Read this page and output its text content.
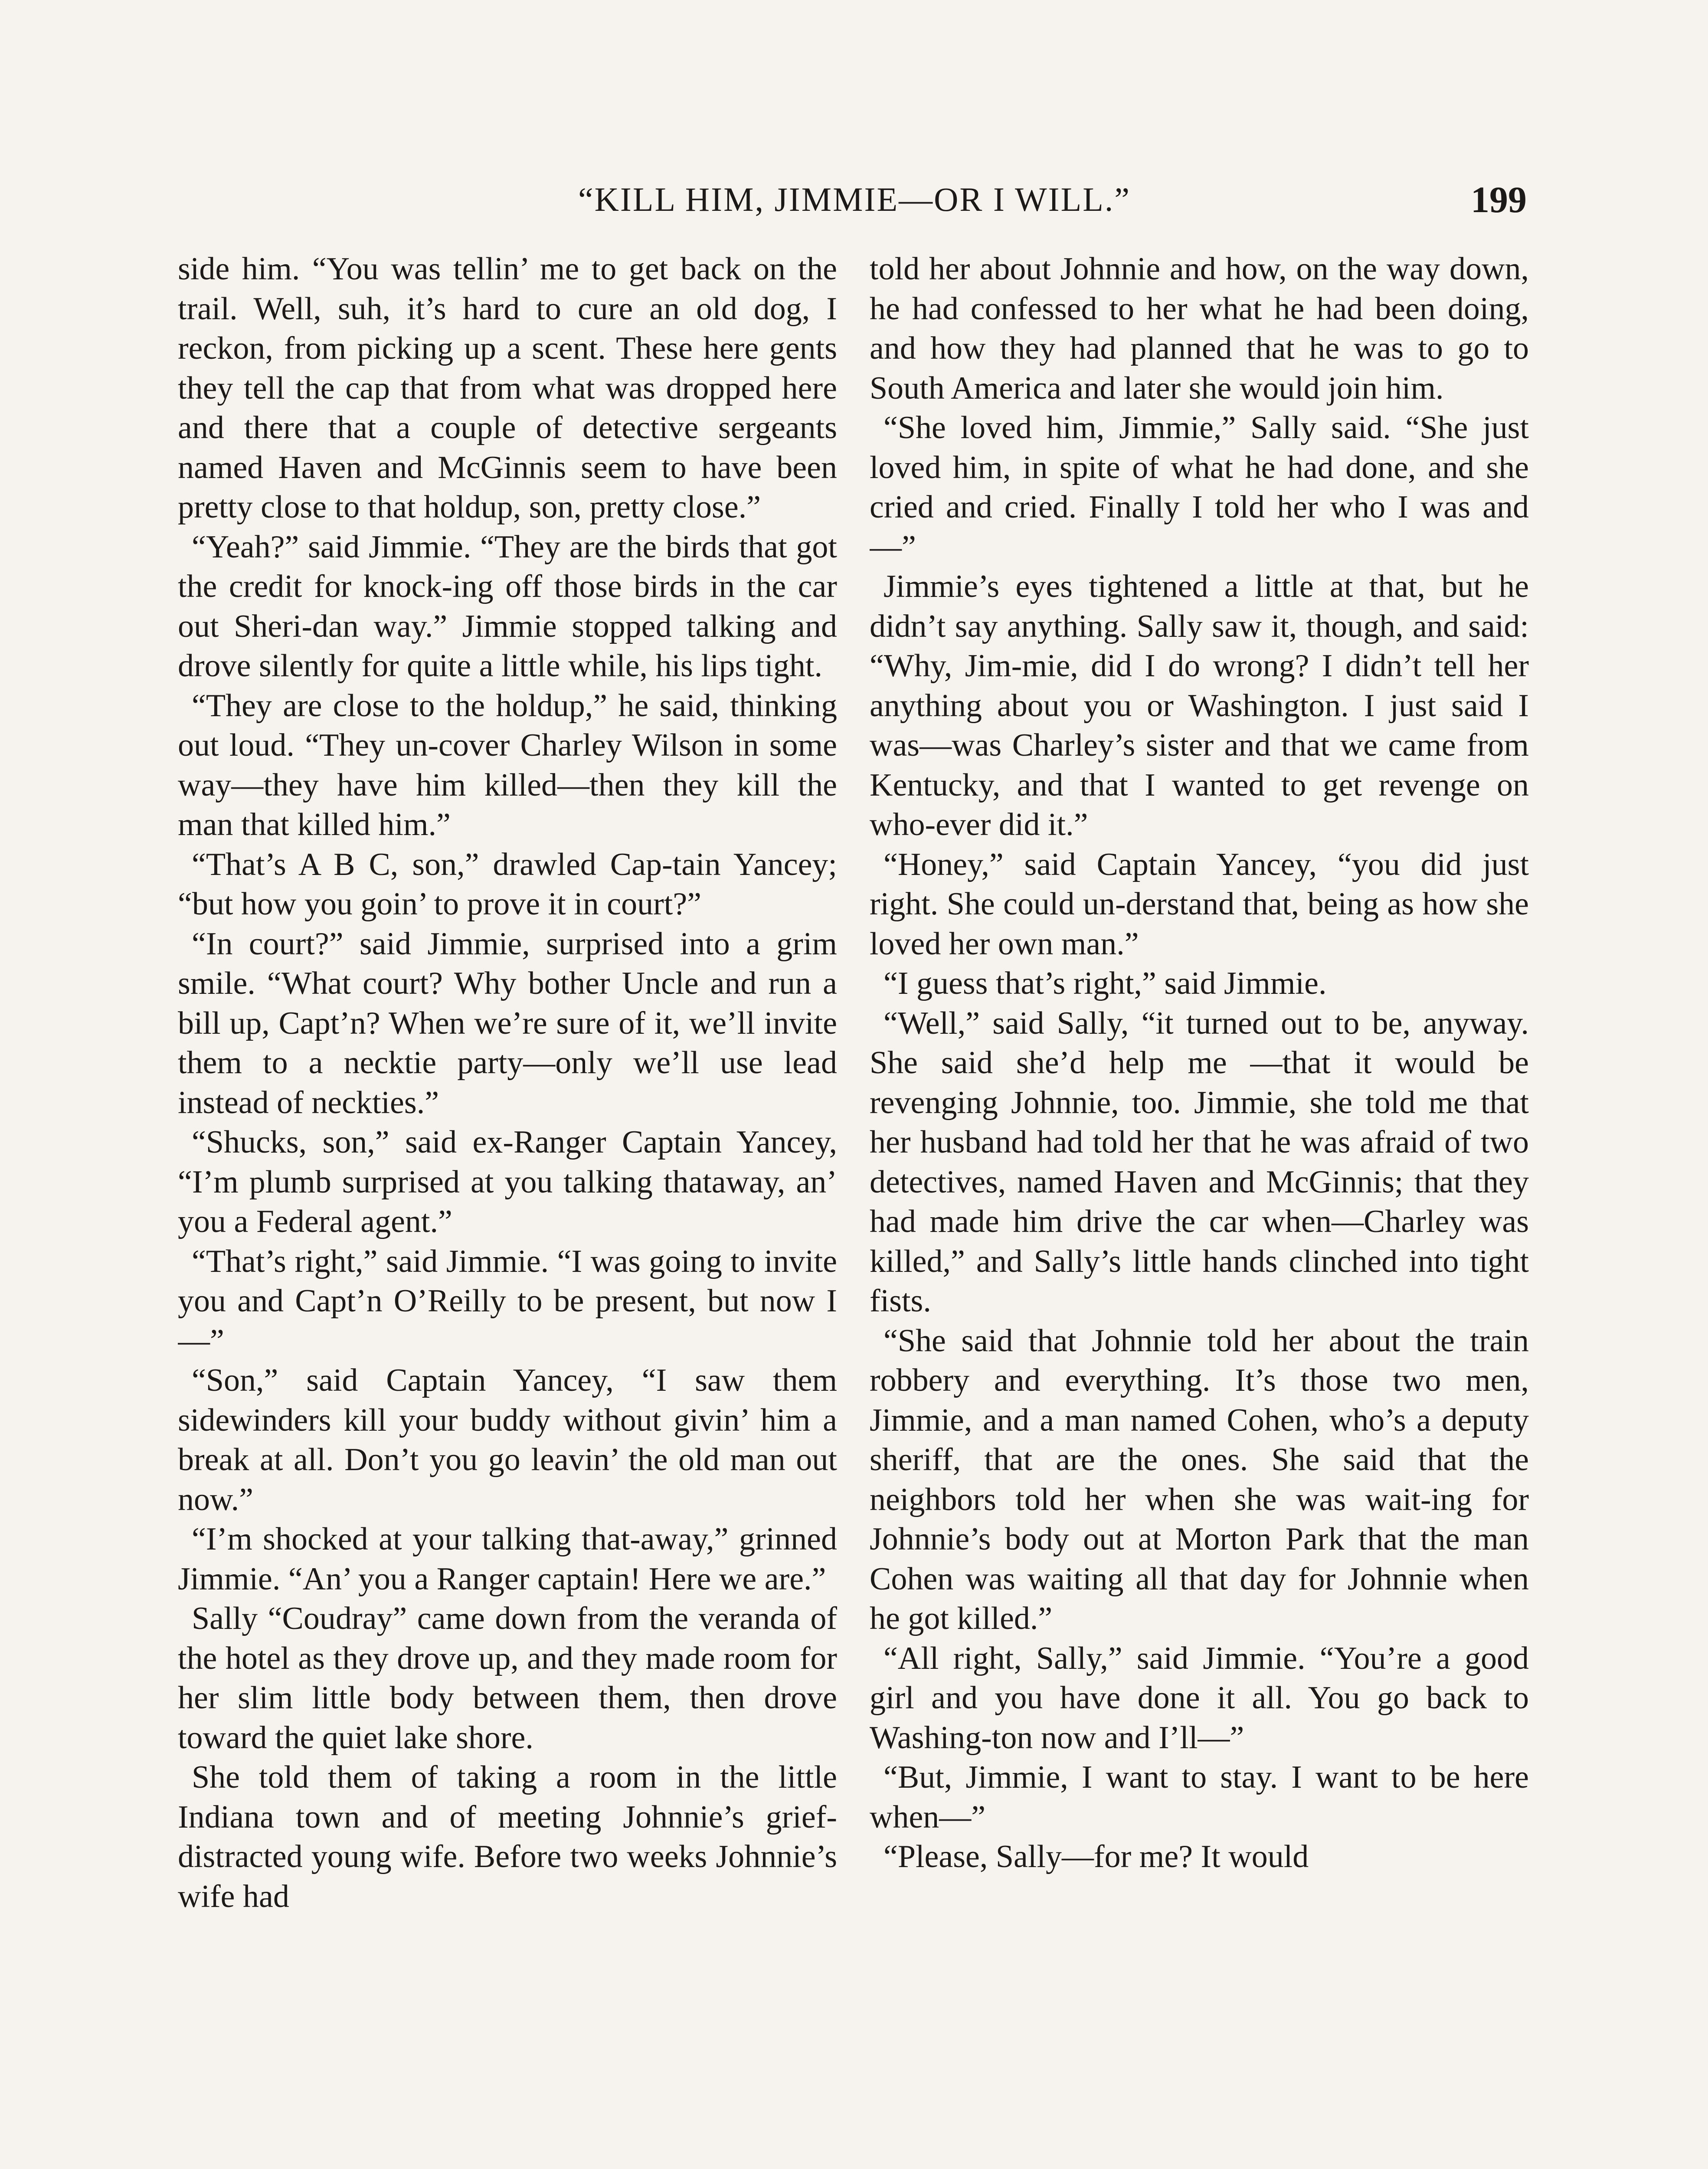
“KILL HIM, JIMMIE—OR I WILL.”	199

side him. “You was tellin’ me to get back on the trail. Well, suh, it’s hard to cure an old dog, I reckon, from picking up a scent. These here gents they tell the cap that from what was dropped here and there that a couple of detective sergeants named Haven and McGinnis seem to have been pretty close to that holdup, son, pretty close.”

“Yeah?” said Jimmie. “They are the birds that got the credit for knock-ing off those birds in the car out Sheri-dan way.” Jimmie stopped talking and drove silently for quite a little while, his lips tight.

“They are close to the holdup,” he said, thinking out loud. “They un-cover Charley Wilson in some way—they have him killed—then they kill the man that killed him.”

“That’s A B C, son,” drawled Cap-tain Yancey; “but how you goin’ to prove it in court?”

“In court?” said Jimmie, surprised into a grim smile. “What court? Why bother Uncle and run a bill up, Capt’n? When we’re sure of it, we’ll invite them to a necktie party—only we’ll use lead instead of neckties.”

“Shucks, son,” said ex-Ranger Captain Yancey, “I’m plumb surprised at you talking thataway, an’ you a Federal agent.”

“That’s right,” said Jimmie. “I was going to invite you and Capt’n O’Reilly to be present, but now I—”

“Son,” said Captain Yancey, “I saw them sidewinders kill your buddy without givin’ him a break at all. Don’t you go leavin’ the old man out now.”

“I’m shocked at your talking that-away,” grinned Jimmie. “An’ you a Ranger captain! Here we are.”

Sally “Coudray” came down from the veranda of the hotel as they drove up, and they made room for her slim little body between them, then drove toward the quiet lake shore.

She told them of taking a room in the little Indiana town and of meeting Johnnie’s grief-distracted young wife. Before two weeks Johnnie’s wife had

told her about Johnnie and how, on the way down, he had confessed to her what he had been doing, and how they had planned that he was to go to South America and later she would join him.

“She loved him, Jimmie,” Sally said. “She just loved him, in spite of what he had done, and she cried and cried. Finally I told her who I was and—”

Jimmie’s eyes tightened a little at that, but he didn’t say anything. Sally saw it, though, and said: “Why, Jim-mie, did I do wrong? I didn’t tell her anything about you or Washington. I just said I was—was Charley’s sister and that we came from Kentucky, and that I wanted to get revenge on who-ever did it.”

“Honey,” said Captain Yancey, “you did just right. She could un-derstand that, being as how she loved her own man.”

“I guess that’s right,” said Jimmie.

“Well,” said Sally, “it turned out to be, anyway. She said she’d help me —that it would be revenging Johnnie, too. Jimmie, she told me that her husband had told her that he was afraid of two detectives, named Haven and McGinnis; that they had made him drive the car when—Charley was killed,” and Sally’s little hands clinched into tight fists.

“She said that Johnnie told her about the train robbery and everything. It’s those two men, Jimmie, and a man named Cohen, who’s a deputy sheriff, that are the ones. She said that the neighbors told her when she was wait-ing for Johnnie’s body out at Morton Park that the man Cohen was waiting all that day for Johnnie when he got killed.”

“All right, Sally,” said Jimmie. “You’re a good girl and you have done it all. You go back to Washing-ton now and I’ll—”

“But, Jimmie, I want to stay. I want to be here when—”

“Please, Sally—for me? It would
